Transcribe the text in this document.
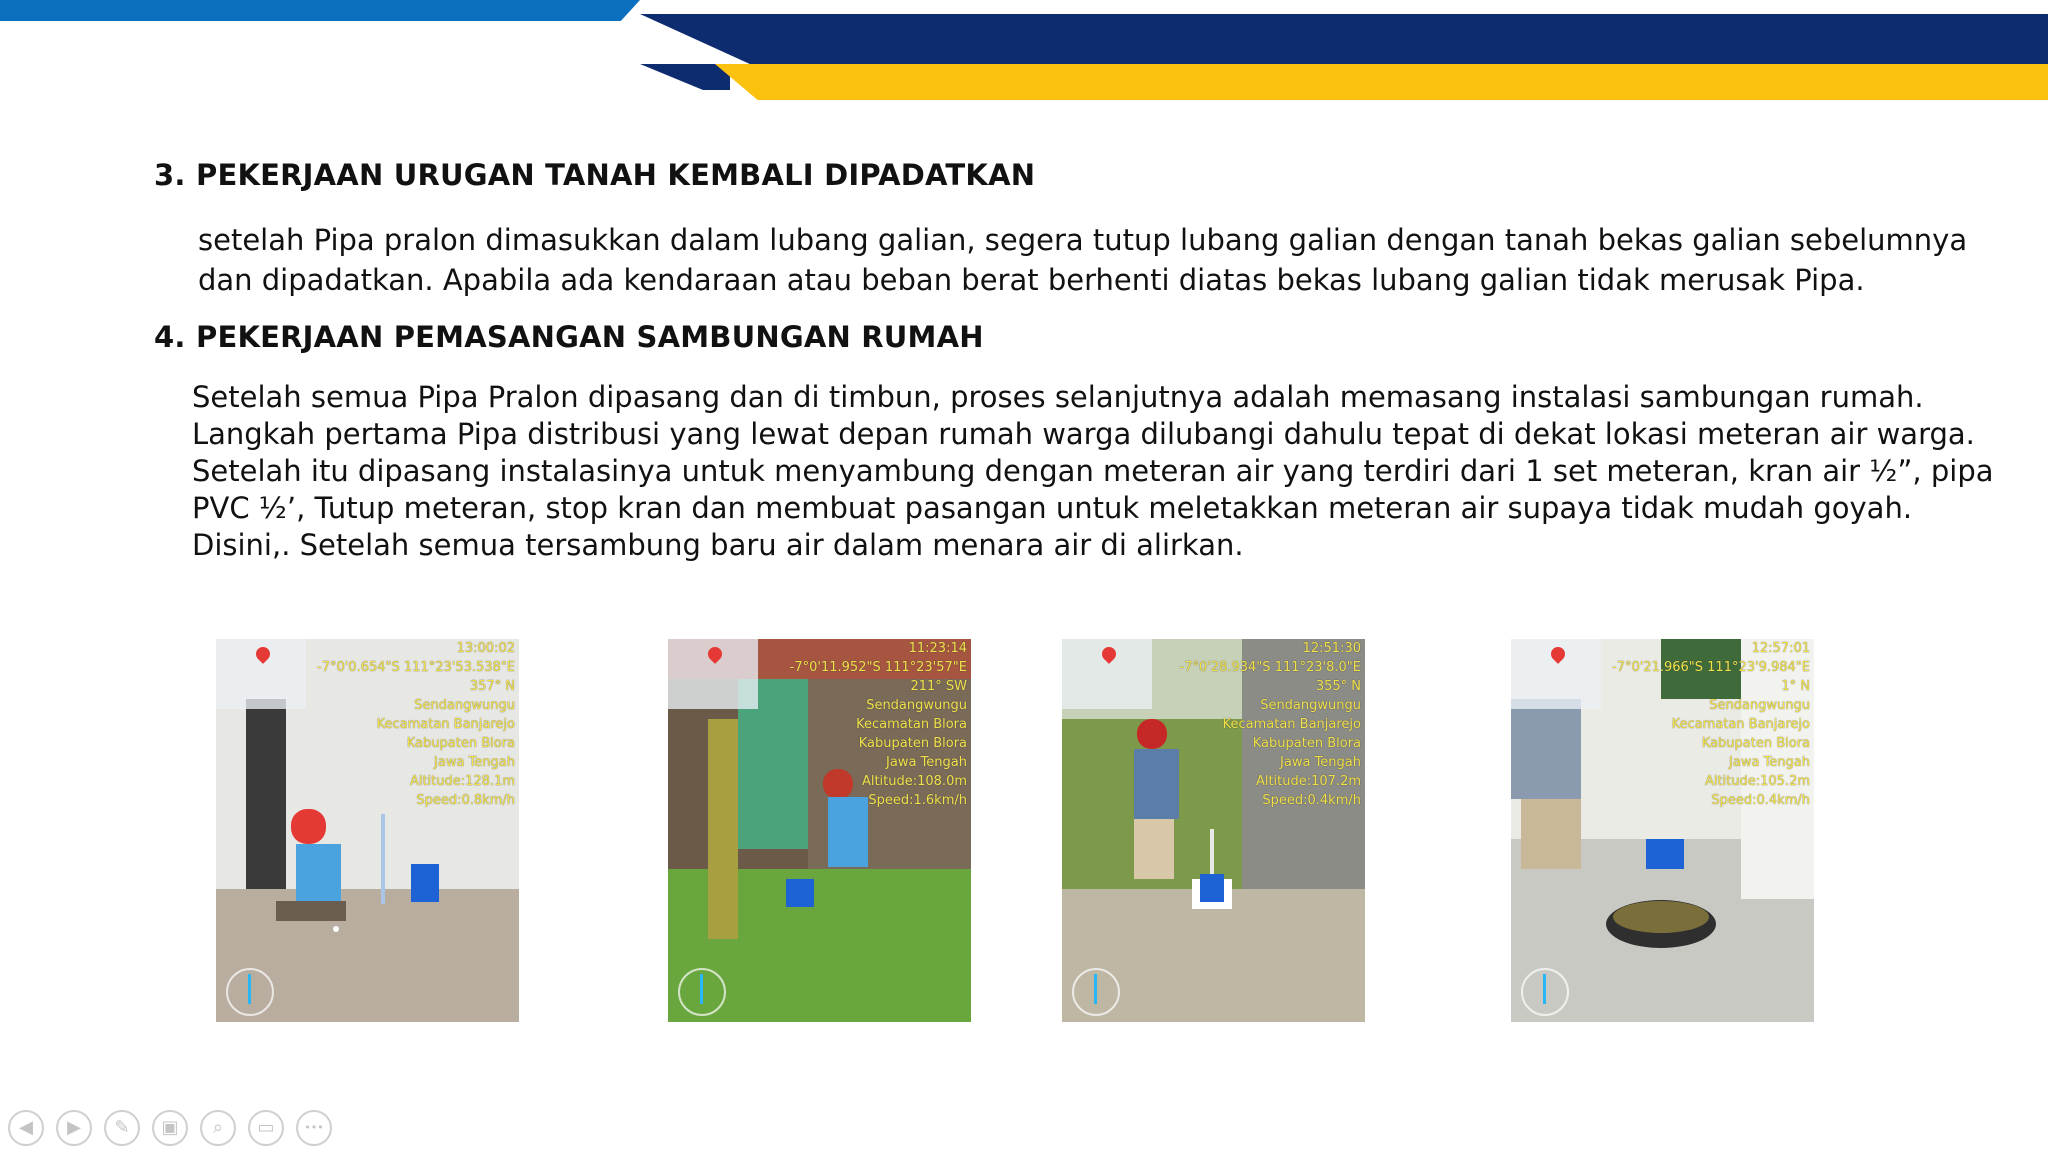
3. PEKERJAAN URUGAN TANAH KEMBALI DIPADATKAN
setelah Pipa pralon dimasukkan dalam lubang galian, segera tutup lubang galian dengan tanah bekas galian sebelumnya
dan dipadatkan. Apabila ada kendaraan atau beban berat berhenti diatas bekas lubang galian tidak merusak Pipa.
4. PEKERJAAN PEMASANGAN SAMBUNGAN RUMAH
Setelah semua Pipa Pralon dipasang dan di timbun, proses selanjutnya adalah memasang instalasi sambungan rumah.
Langkah pertama Pipa distribusi yang lewat depan rumah warga dilubangi dahulu tepat di dekat lokasi meteran air warga.
Setelah itu dipasang instalasinya untuk menyambung dengan meteran air yang terdiri dari 1 set meteran, kran air ½”, pipa
PVC ½’, Tutup meteran, stop kran dan membuat pasangan untuk meletakkan meteran air supaya tidak mudah goyah.
Disini,. Setelah semua tersambung baru air dalam menara air di alirkan.
13:00:02
-7°0'0.654"S 111°23'53.538"E
357° N
Sendangwungu
Kecamatan Banjarejo
Kabupaten Blora
Jawa Tengah
Altitude:128.1m
Speed:0.8km/h
11:23:14
-7°0'11.952"S 111°23'57"E
211° SW
Sendangwungu
Kecamatan Blora
Kabupaten Blora
Jawa Tengah
Altitude:108.0m
Speed:1.6km/h
12:51:30
-7°0'28.934"S 111°23'8.0"E
355° N
Sendangwungu
Kecamatan Banjarejo
Kabupaten Blora
Jawa Tengah
Altitude:107.2m
Speed:0.4km/h
12:57:01
-7°0'21.966"S 111°23'9.984"E
1° N
Sendangwungu
Kecamatan Banjarejo
Kabupaten Blora
Jawa Tengah
Altitude:105.2m
Speed:0.4km/h
◀	▶	✎	▣	⌕	▭	•••
